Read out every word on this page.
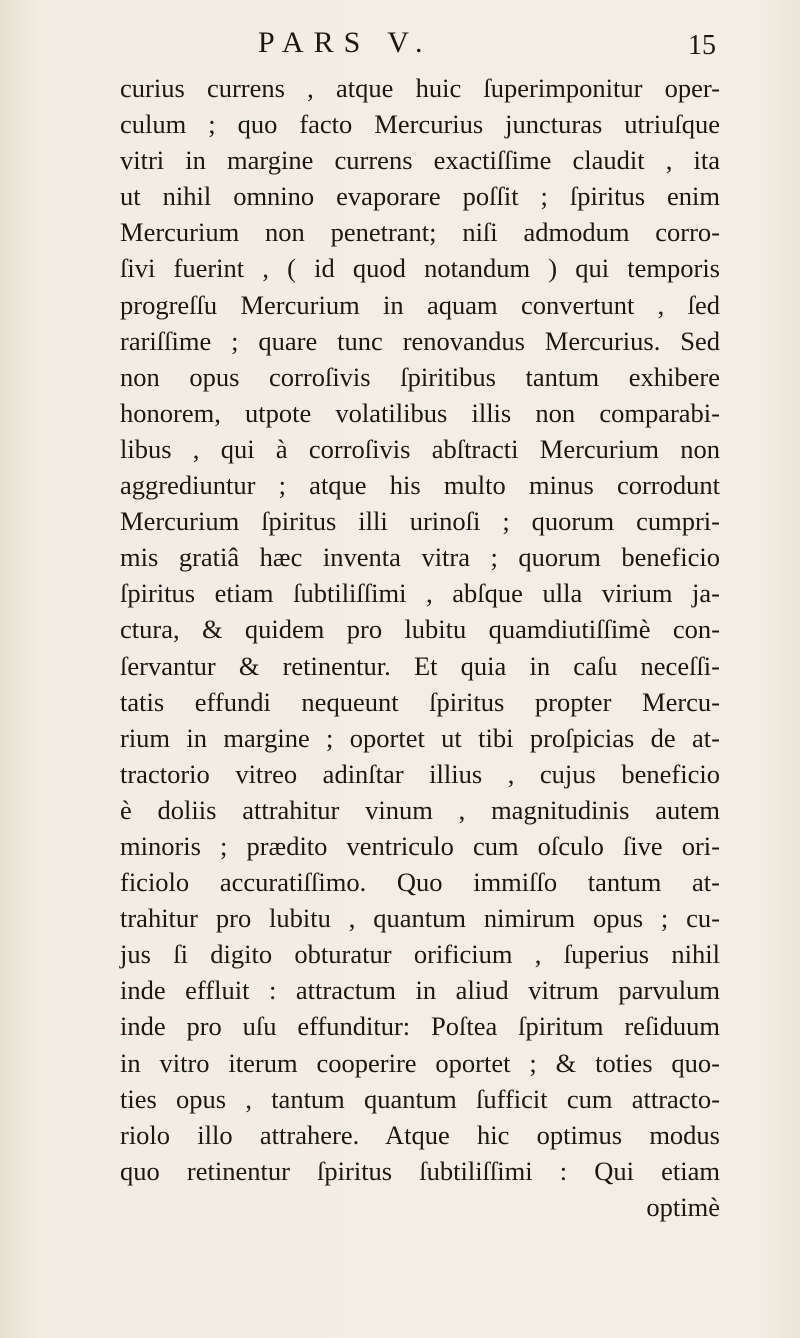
PARS V.	15
curius currens , atque huic ſuperimponitur oper-
culum ; quo facto Mercurius juncturas utriuſque
vitri in margine currens exactiſſime claudit , ita
ut nihil omnino evaporare poſſit ; ſpiritus enim
Mercurium non penetrant; niſi admodum corro-
ſivi fuerint , ( id quod notandum ) qui temporis
progreſſu Mercurium in aquam convertunt , ſed
rariſſime ; quare tunc renovandus Mercurius. Sed
non opus corroſivis ſpiritibus tantum exhibere
honorem, utpote volatilibus illis non comparabi-
libus , qui à corroſivis abſtracti Mercurium non
aggrediuntur ; atque his multo minus corrodunt
Mercurium ſpiritus illi urinoſi ; quorum cumpri-
mis gratiâ hæc inventa vitra ; quorum beneficio
ſpiritus etiam ſubtiliſſimi , abſque ulla virium ja-
ctura, & quidem pro lubitu quamdiutiſſimè con-
ſervantur & retinentur. Et quia in caſu neceſſi-
tatis effundi nequeunt ſpiritus propter Mercu-
rium in margine ; oportet ut tibi proſpicias de at-
tractorio vitreo adinſtar illius , cujus beneficio
è doliis attrahitur vinum , magnitudinis autem
minoris ; prædito ventriculo cum oſculo ſive ori-
ficiolo accuratiſſimo. Quo immiſſo tantum at-
trahitur pro lubitu , quantum nimirum opus ; cu-
jus ſi digito obturatur orificium , ſuperius nihil
inde effluit : attractum in aliud vitrum parvulum
inde pro uſu effunditur: Poſtea ſpiritum reſiduum
in vitro iterum cooperire oportet ; & toties quo-
ties opus , tantum quantum ſufficit cum attracto-
riolo illo attrahere. Atque hic optimus modus
quo retinentur ſpiritus ſubtiliſſimi : Qui etiam
optimè
